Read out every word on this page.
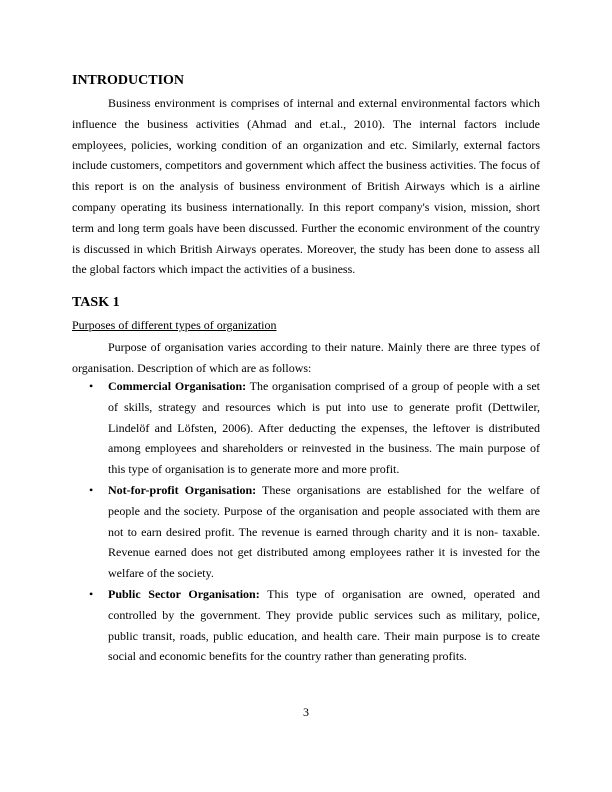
INTRODUCTION

Business environment is comprises of internal and external environmental factors which influence the business activities (Ahmad and et.al., 2010). The internal factors include employees, policies, working condition of an organization and etc. Similarly, external factors include customers, competitors and government which affect the business activities. The focus of this report is on the analysis of business environment of British Airways which is a airline company operating its business internationally. In this report company's vision, mission, short term and long term goals have been discussed. Further the economic environment of the country is discussed in which British Airways operates. Moreover, the study has been done to assess all the global factors which impact the activities of a business.

TASK 1

Purposes of different types of organization

Purpose of organisation varies according to their nature. Mainly there are three types of organisation. Description of which are as follows:

• Commercial Organisation: The organisation comprised of a group of people with a set of skills, strategy and resources which is put into use to generate profit (Dettwiler, Lindelöf and Löfsten, 2006). After deducting the expenses, the leftover is distributed among employees and shareholders or reinvested in the business. The main purpose of this type of organisation is to generate more and more profit.
• Not-for-profit Organisation: These organisations are established for the welfare of people and the society. Purpose of the organisation and people associated with them are not to earn desired profit. The revenue is earned through charity and it is non- taxable. Revenue earned does not get distributed among employees rather it is invested for the welfare of the society.
• Public Sector Organisation: This type of organisation are owned, operated and controlled by the government. They provide public services such as military, police, public transit, roads, public education, and health care. Their main purpose is to create social and economic benefits for the country rather than generating profits.

3
